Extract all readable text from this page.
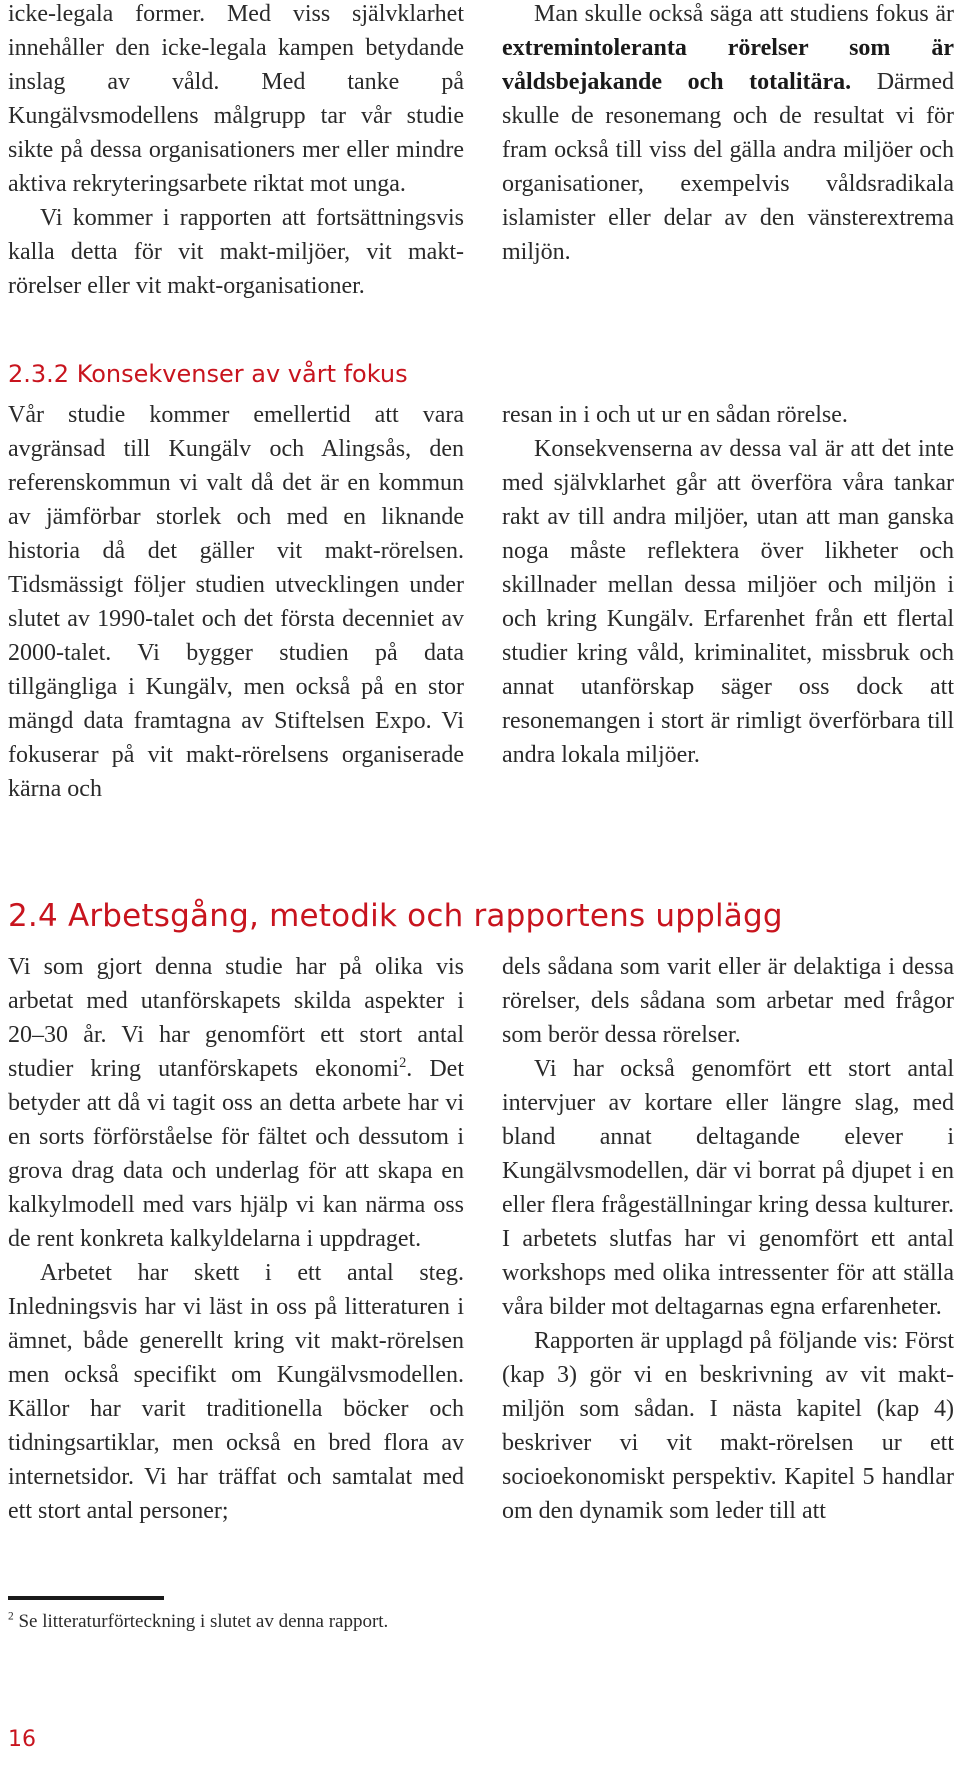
icke-legala former. Med viss självklarhet innehåller den icke-legala kampen betydande inslag av våld. Med tanke på Kungälvsmodellens målgrupp tar vår studie sikte på dessa organisationers mer eller mindre aktiva rekryteringsarbete riktat mot unga.

Vi kommer i rapporten att fortsättningsvis kalla detta för vit makt-miljöer, vit makt-rörelser eller vit makt-organisationer.

Man skulle också säga att studiens fokus är extremintoleranta rörelser som är våldsbejakande och totalitära. Därmed skulle de resonemang och de resultat vi för fram också till viss del gälla andra miljöer och organisationer, exempelvis våldsradikala islamister eller delar av den vänsterextrema miljön.

2.3.2 Konsekvenser av vårt fokus

Vår studie kommer emellertid att vara avgränsad till Kungälv och Alingsås, den referenskommun vi valt då det är en kommun av jämförbar storlek och med en liknande historia då det gäller vit makt-rörelsen. Tidsmässigt följer studien utvecklingen under slutet av 1990-talet och det första decenniet av 2000-talet. Vi bygger studien på data tillgängliga i Kungälv, men också på en stor mängd data framtagna av Stiftelsen Expo. Vi fokuserar på vit makt-rörelsens organiserade kärna och

resan in i och ut ur en sådan rörelse.

Konsekvenserna av dessa val är att det inte med självklarhet går att överföra våra tankar rakt av till andra miljöer, utan att man ganska noga måste reflektera över likheter och skillnader mellan dessa miljöer och miljön i och kring Kungälv. Erfarenhet från ett flertal studier kring våld, kriminalitet, missbruk och annat utanförskap säger oss dock att resonemangen i stort är rimligt överförbara till andra lokala miljöer.

2.4 Arbetsgång, metodik och rapportens upplägg

Vi som gjort denna studie har på olika vis arbetat med utanförskapets skilda aspekter i 20–30 år. Vi har genomfört ett stort antal studier kring utanförskapets ekonomi$^2$. Det betyder att då vi tagit oss an detta arbete har vi en sorts förförståelse för fältet och dessutom i grova drag data och underlag för att skapa en kalkylmodell med vars hjälp vi kan närma oss de rent konkreta kalkyldelarna i uppdraget.

Arbetet har skett i ett antal steg. Inledningsvis har vi läst in oss på litteraturen i ämnet, både generellt kring vit makt-rörelsen men också specifikt om Kungälvsmodellen. Källor har varit traditionella böcker och tidningsartiklar, men också en bred flora av internetsidor. Vi har träffat och samtalat med ett stort antal personer;

dels sådana som varit eller är delaktiga i dessa rörelser, dels sådana som arbetar med frågor som berör dessa rörelser.

Vi har också genomfört ett stort antal intervjuer av kortare eller längre slag, med bland annat deltagande elever i Kungälvsmodellen, där vi borrat på djupet i en eller flera frågeställningar kring dessa kulturer. I arbetets slutfas har vi genomfört ett antal workshops med olika intressenter för att ställa våra bilder mot deltagarnas egna erfarenheter.

Rapporten är upplagd på följande vis: Först (kap 3) gör vi en beskrivning av vit makt-miljön som sådan. I nästa kapitel (kap 4) beskriver vi vit makt-rörelsen ur ett socioekonomiskt perspektiv. Kapitel 5 handlar om den dynamik som leder till att

$^2$ Se litteraturförteckning i slutet av denna rapport.
16
